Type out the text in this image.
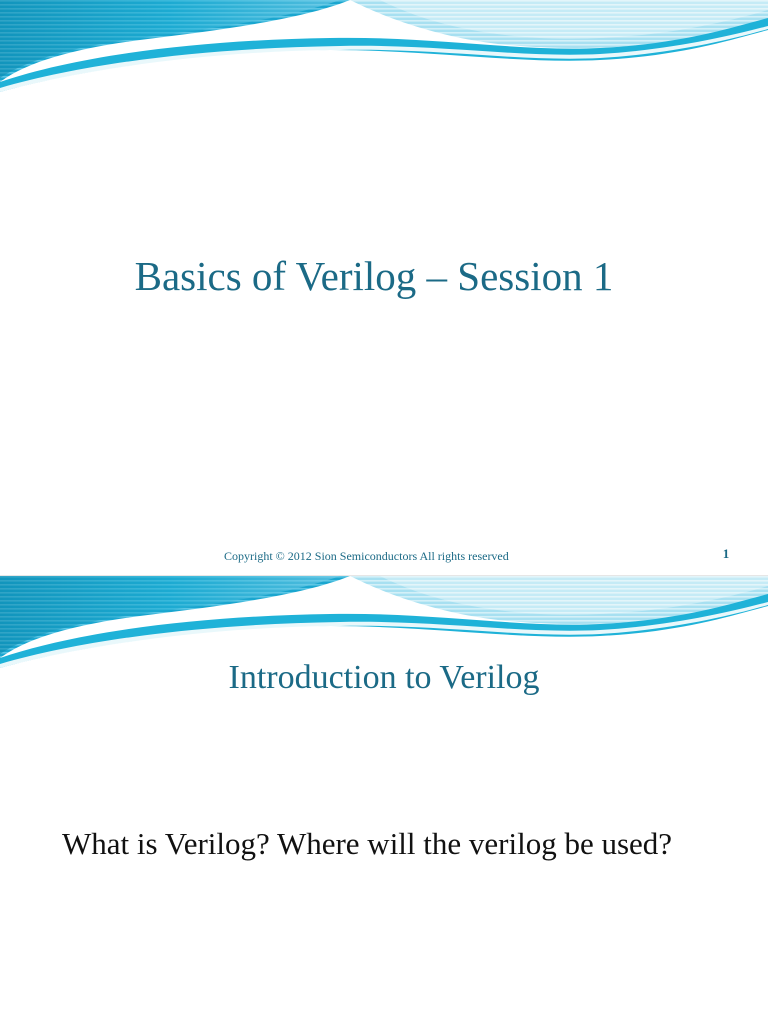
Basics of Verilog – Session 1
Copyright © 2012 Sion Semiconductors All rights reserved	1
Introduction to Verilog

What is Verilog? Where will the verilog be used?
